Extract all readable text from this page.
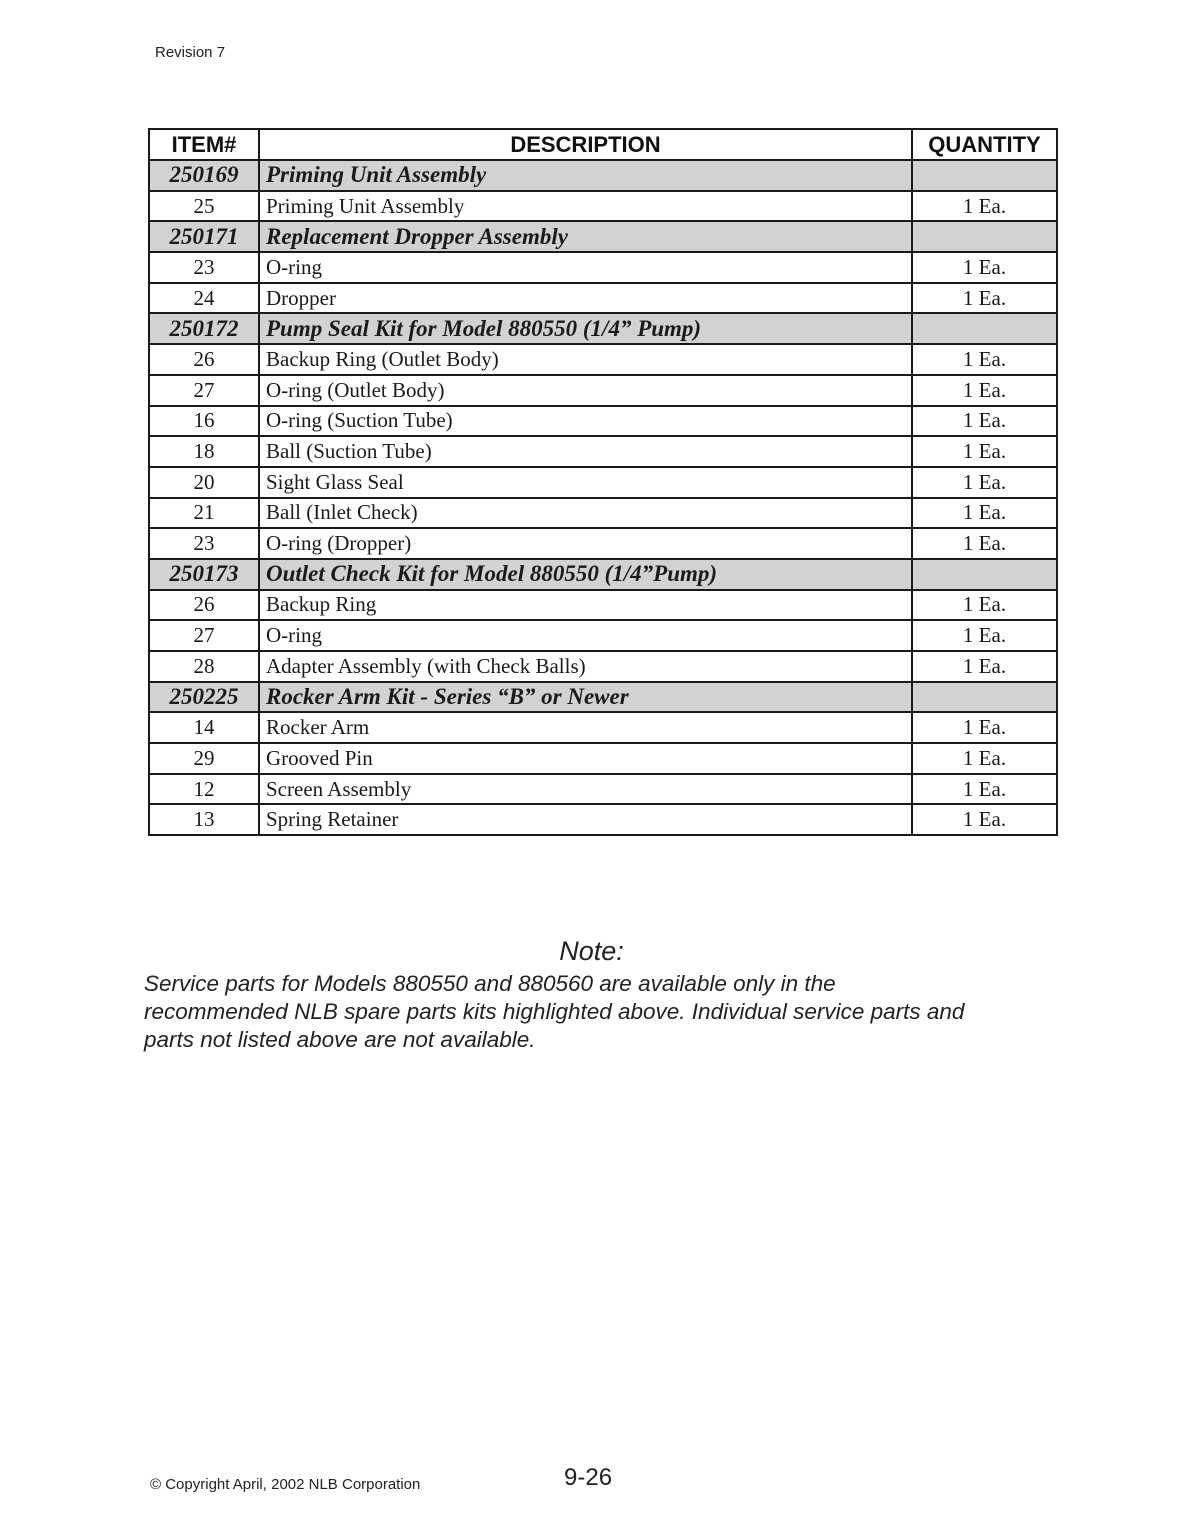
Revision 7
ITEM#	DESCRIPTION	QUANTITY
250169	Priming Unit Assembly	
25	Priming Unit Assembly	1 Ea.
250171	Replacement Dropper Assembly	
23	O-ring	1 Ea.
24	Dropper	1 Ea.
250172	Pump Seal Kit for Model 880550 (1/4” Pump)	
26	Backup Ring (Outlet Body)	1 Ea.
27	O-ring (Outlet Body)	1 Ea.
16	O-ring (Suction Tube)	1 Ea.
18	Ball (Suction Tube)	1 Ea.
20	Sight Glass Seal	1 Ea.
21	Ball (Inlet Check)	1 Ea.
23	O-ring (Dropper)	1 Ea.
250173	Outlet Check Kit for Model 880550 (1/4”Pump)	
26	Backup Ring	1 Ea.
27	O-ring	1 Ea.
28	Adapter Assembly (with Check Balls)	1 Ea.
250225	Rocker Arm Kit - Series “B” or Newer	
14	Rocker Arm	1 Ea.
29	Grooved Pin	1 Ea.
12	Screen Assembly	1 Ea.
13	Spring Retainer	1 Ea.
Note:
Service parts for Models 880550 and 880560 are available only in the
recommended NLB spare parts kits highlighted above. Individual service parts and
parts not listed above are not available.
© Copyright April, 2002 NLB Corporation	9-26
